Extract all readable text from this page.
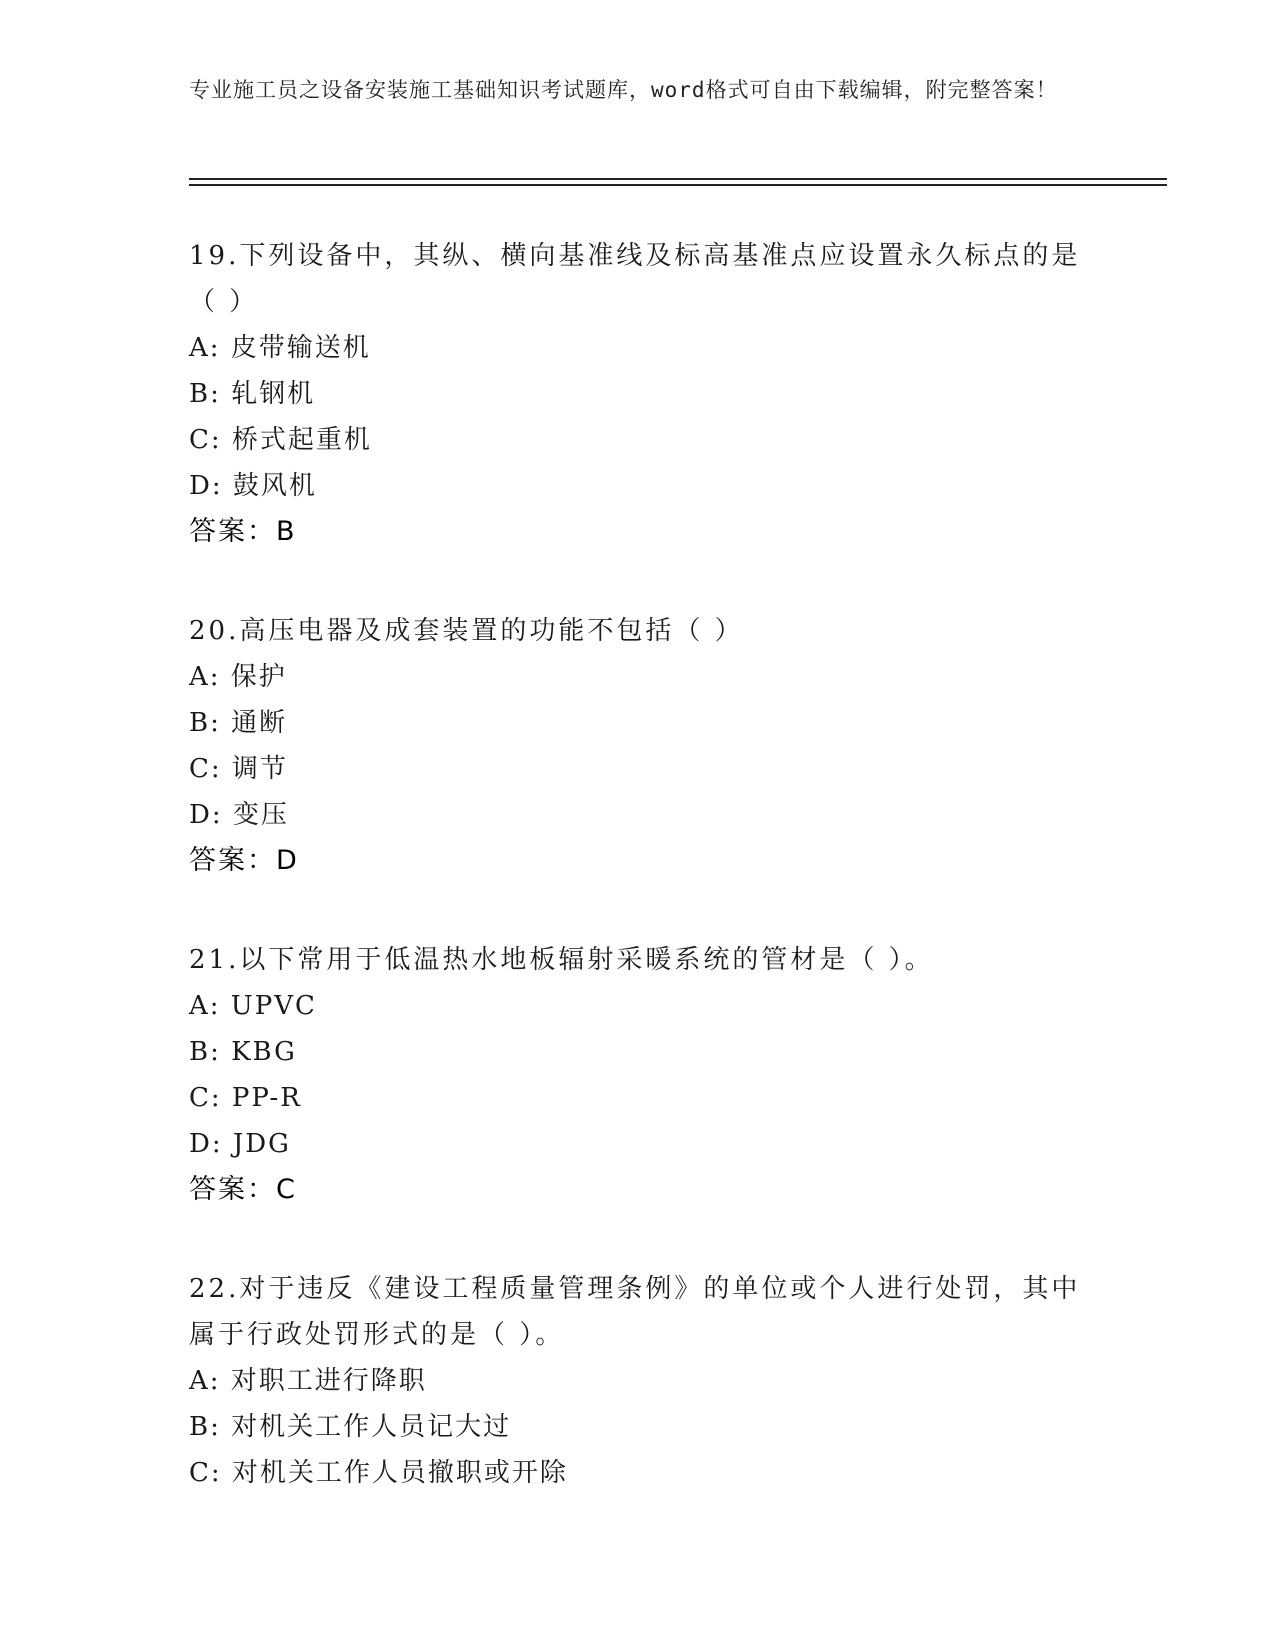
专业施工员之设备安装施工基础知识考试题库，word格式可自由下载编辑，附完整答案！
19.下列设备中，其纵、横向基准线及标高基准点应设置永久标点的是（ ）
A: 皮带输送机
B: 轧钢机
C: 桥式起重机
D: 鼓风机
答案：B
20.高压电器及成套装置的功能不包括（ ）
A: 保护
B: 通断
C: 调节
D: 变压
答案：D
21.以下常用于低温热水地板辐射采暖系统的管材是（ ）。
A: UPVC
B: KBG
C: PP-R
D: JDG
答案：C
22.对于违反《建设工程质量管理条例》的单位或个人进行处罚，其中属于行政处罚形式的是（ ）。
A: 对职工进行降职
B: 对机关工作人员记大过
C: 对机关工作人员撤职或开除
